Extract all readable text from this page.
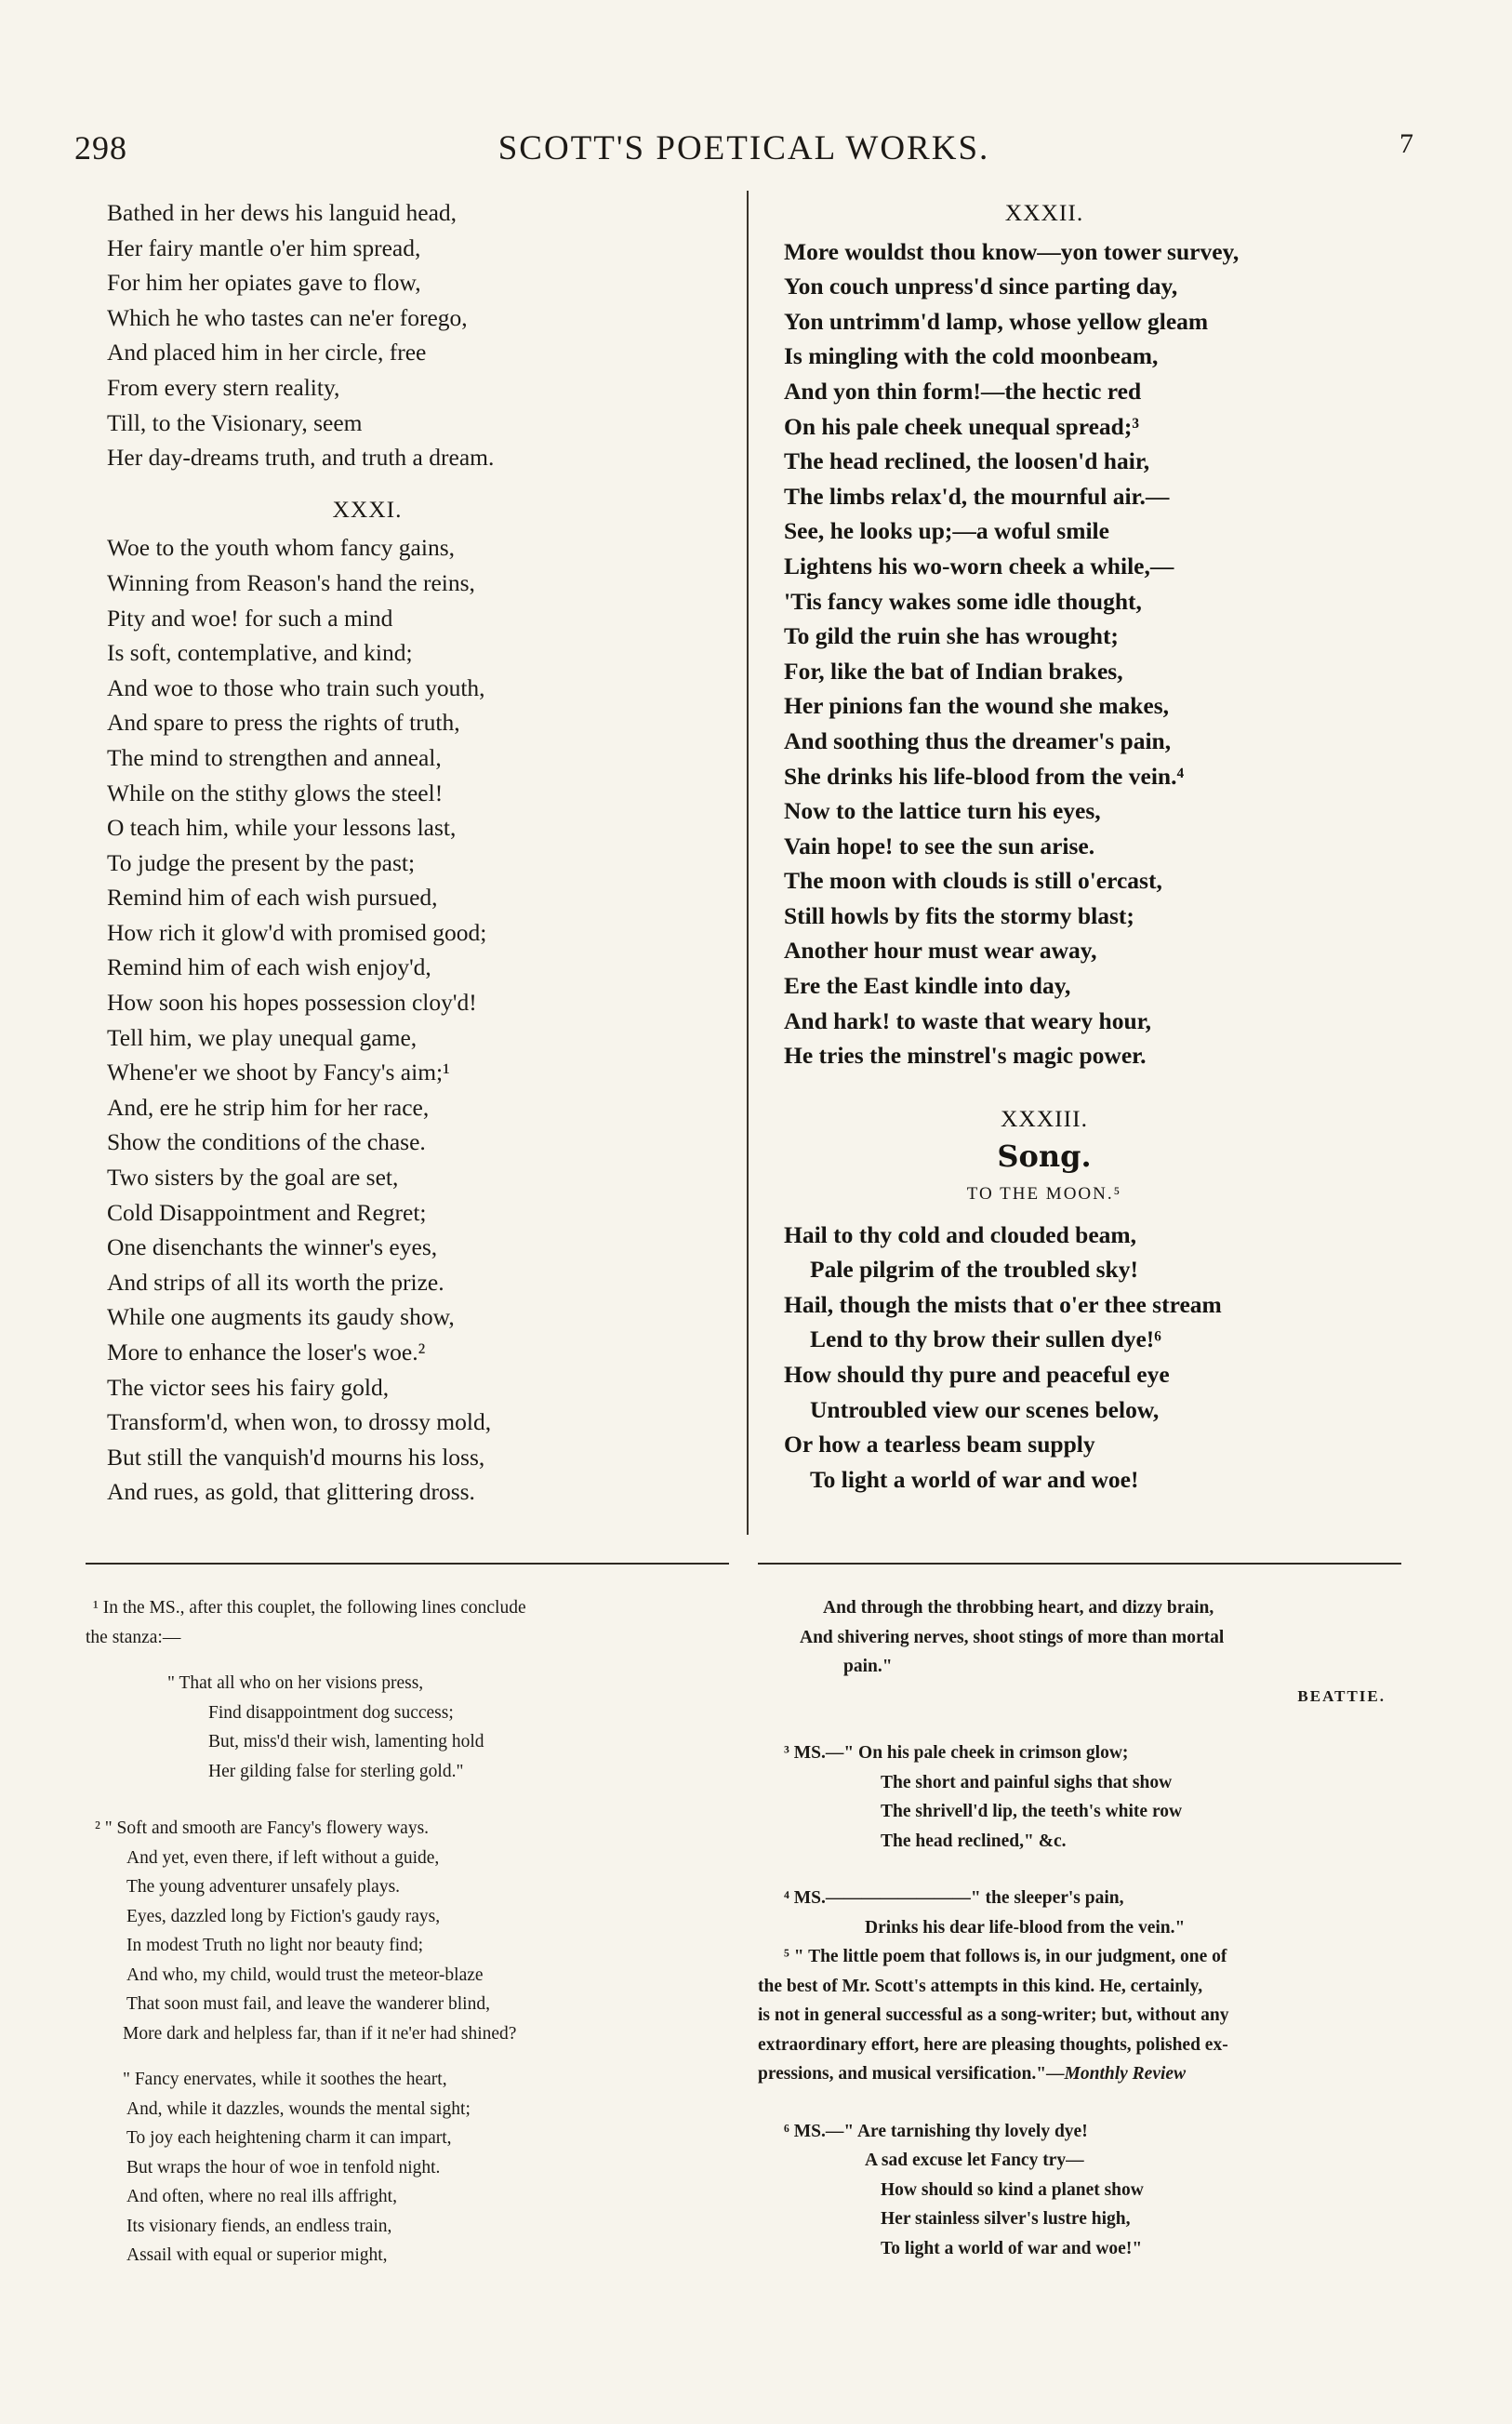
298	SCOTT'S POETICAL WORKS.	7
Bathed in her dews his languid head,
Her fairy mantle o'er him spread,
For him her opiates gave to flow,
Which he who tastes can ne'er forego,
And placed him in her circle, free
From every stern reality,
Till, to the Visionary, seem
Her day-dreams truth, and truth a dream.
XXXI.
Woe to the youth whom fancy gains,
Winning from Reason's hand the reins,
Pity and woe! for such a mind
Is soft, contemplative, and kind;
And woe to those who train such youth,
And spare to press the rights of truth,
The mind to strengthen and anneal,
While on the stithy glows the steel!
O teach him, while your lessons last,
To judge the present by the past;
Remind him of each wish pursued,
How rich it glow'd with promised good;
Remind him of each wish enjoy'd,
How soon his hopes possession cloy'd!
Tell him, we play unequal game,
Whene'er we shoot by Fancy's aim;¹
And, ere he strip him for her race,
Show the conditions of the chase.
Two sisters by the goal are set,
Cold Disappointment and Regret;
One disenchants the winner's eyes,
And strips of all its worth the prize.
While one augments its gaudy show,
More to enhance the loser's woe.²
The victor sees his fairy gold,
Transform'd, when won, to drossy mold,
But still the vanquish'd mourns his loss,
And rues, as gold, that glittering dross.
XXXII.
More wouldst thou know—yon tower survey,
Yon couch unpress'd since parting day,
Yon untrimm'd lamp, whose yellow gleam
Is mingling with the cold moonbeam,
And yon thin form!—the hectic red
On his pale cheek unequal spread;³
The head reclined, the loosen'd hair,
The limbs relax'd, the mournful air.—
See, he looks up;—a woful smile
Lightens his wo-worn cheek a while,—
'Tis fancy wakes some idle thought,
To gild the ruin she has wrought;
For, like the bat of Indian brakes,
Her pinions fan the wound she makes,
And soothing thus the dreamer's pain,
She drinks his life-blood from the vein.⁴
Now to the lattice turn his eyes,
Vain hope! to see the sun arise.
The moon with clouds is still o'ercast,
Still howls by fits the stormy blast;
Another hour must wear away,
Ere the East kindle into day,
And hark! to waste that weary hour,
He tries the minstrel's magic power.
XXXIII.
Song.
TO THE MOON.⁵
Hail to thy cold and clouded beam,
Pale pilgrim of the troubled sky!
Hail, though the mists that o'er thee stream
Lend to thy brow their sullen dye!⁶
How should thy pure and peaceful eye
Untroubled view our scenes below,
Or how a tearless beam supply
To light a world of war and woe!
¹ In the MS., after this couplet, the following lines conclude
the stanza:—
" That all who on her visions press,
Find disappointment dog success;
But, miss'd their wish, lamenting hold
Her gilding false for sterling gold."
² " Soft and smooth are Fancy's flowery ways.
And yet, even there, if left without a guide,
The young adventurer unsafely plays.
Eyes, dazzled long by Fiction's gaudy rays,
In modest Truth no light nor beauty find;
And who, my child, would trust the meteor-blaze
That soon must fail, and leave the wanderer blind,
More dark and helpless far, than if it ne'er had shined?
" Fancy enervates, while it soothes the heart,
And, while it dazzles, wounds the mental sight;
To joy each heightening charm it can impart,
But wraps the hour of woe in tenfold night.
And often, where no real ills affright,
Its visionary fiends, an endless train,
Assail with equal or superior might,
And through the throbbing heart, and dizzy brain,
And shivering nerves, shoot stings of more than mortal
pain."
BEATTIE.
³ MS.—" On his pale cheek in crimson glow;
The short and painful sighs that show
The shrivell'd lip, the teeth's white row
The head reclined," &c.
⁴ MS.————————" the sleeper's pain,
Drinks his dear life-blood from the vein."
⁵ " The little poem that follows is, in our judgment, one of
the best of Mr. Scott's attempts in this kind. He, certainly,
is not in general successful as a song-writer; but, without any
extraordinary effort, here are pleasing thoughts, polished ex-
pressions, and musical versification."—Monthly Review
⁶ MS.—" Are tarnishing thy lovely dye!
A sad excuse let Fancy try—
How should so kind a planet show
Her stainless silver's lustre high,
To light a world of war and woe!"
